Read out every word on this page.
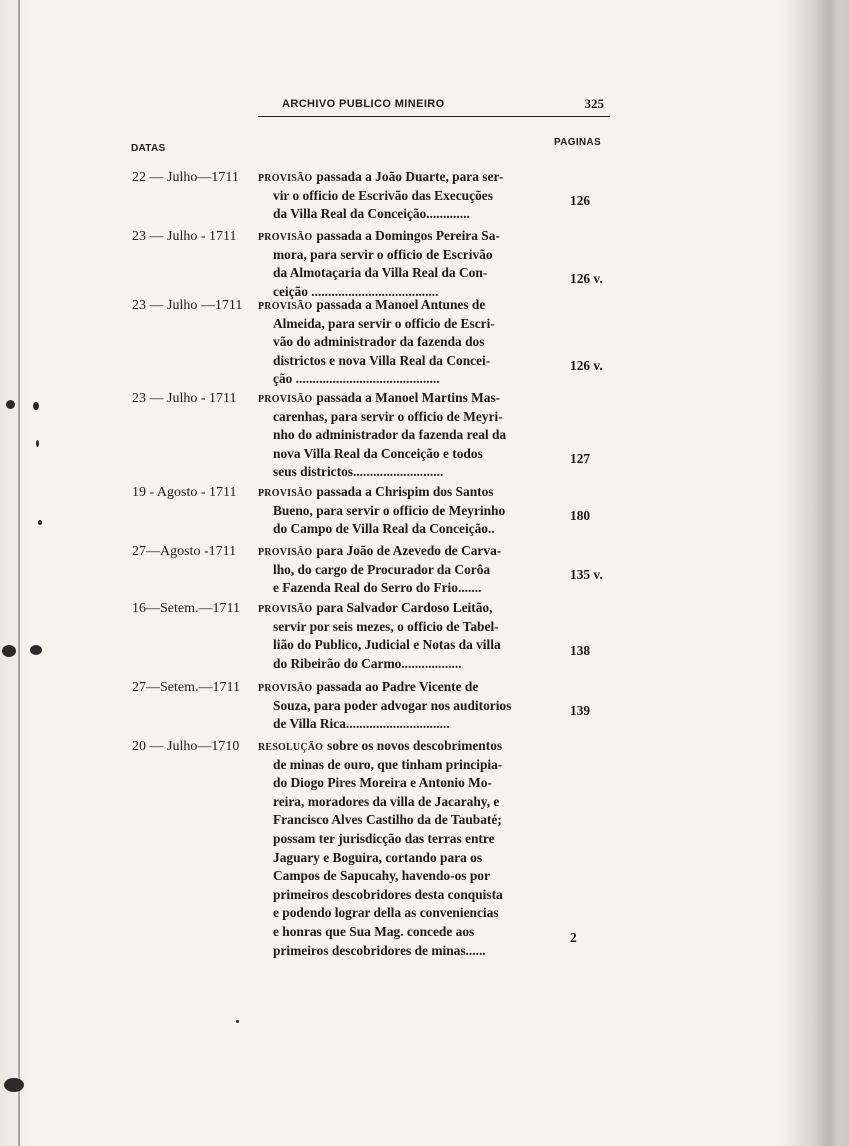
ARCHIVO PUBLICO MINEIRO	325
DATAS
PAGINAS
22 — Julho—1711 PROVISÃO passada a João Duarte, para ser-
vir o officio de Escrivão das Execuções
da Villa Real da Conceição.............
126
23 — Julho - 1711 PROVISÃO passada a Domingos Pereira Sa-
mora, para servir o officio de Escrivão
da Almotaçaria da Villa Real da Con-
ceição ......................................
126 v.
23 — Julho —1711 PROVISÃO passada a Manoel Antunes de
Almeida, para servir o officio de Escri-
vão do administrador da fazenda dos
districtos e nova Villa Real da Concei-
ção ...........................................
126 v.
23 — Julho - 1711 PROVISÃO passada a Manoel Martins Mas-
carenhas, para servir o officio de Meyri-
nho do administrador da fazenda real da
nova Villa Real da Conceição e todos
seus districtos...........................
127
19 - Agosto - 1711 PROVISÃO passada a Chrispim dos Santos
Bueno, para servir o officio de Meyrinho
do Campo de Villa Real da Conceição..
180
27—Agosto -1711 PROVISÃO para João de Azevedo de Carva-
lho, do cargo de Procurador da Corôa
e Fazenda Real do Serro do Frio.......
135 v.
16—Setem.—1711 PROVISÃO para Salvador Cardoso Leitão,
servir por seis mezes, o officio de Tabel-
lião do Publico, Judicial e Notas da villa
do Ribeirão do Carmo..................
138
27—Setem.—1711 PROVISÃO passada ao Padre Vicente de
Souza, para poder advogar nos auditorios
de Villa Rica...............................
139
20 — Julho—1710 RESOLUÇÃO sobre os novos descobrimentos
de minas de ouro, que tinham principia-
do Diogo Pires Moreira e Antonio Mo-
reira, moradores da villa de Jacarahy, e
Francisco Alves Castilho da de Taubaté;
possam ter jurisdicção das terras entre
Jaguary e Boguira, cortando para os
Campos de Sapucahy, havendo-os por
primeiros descobridores desta conquista
e podendo lograr della as conveniencias
e honras que Sua Mag. concede aos
primeiros descobridores de minas......
2
